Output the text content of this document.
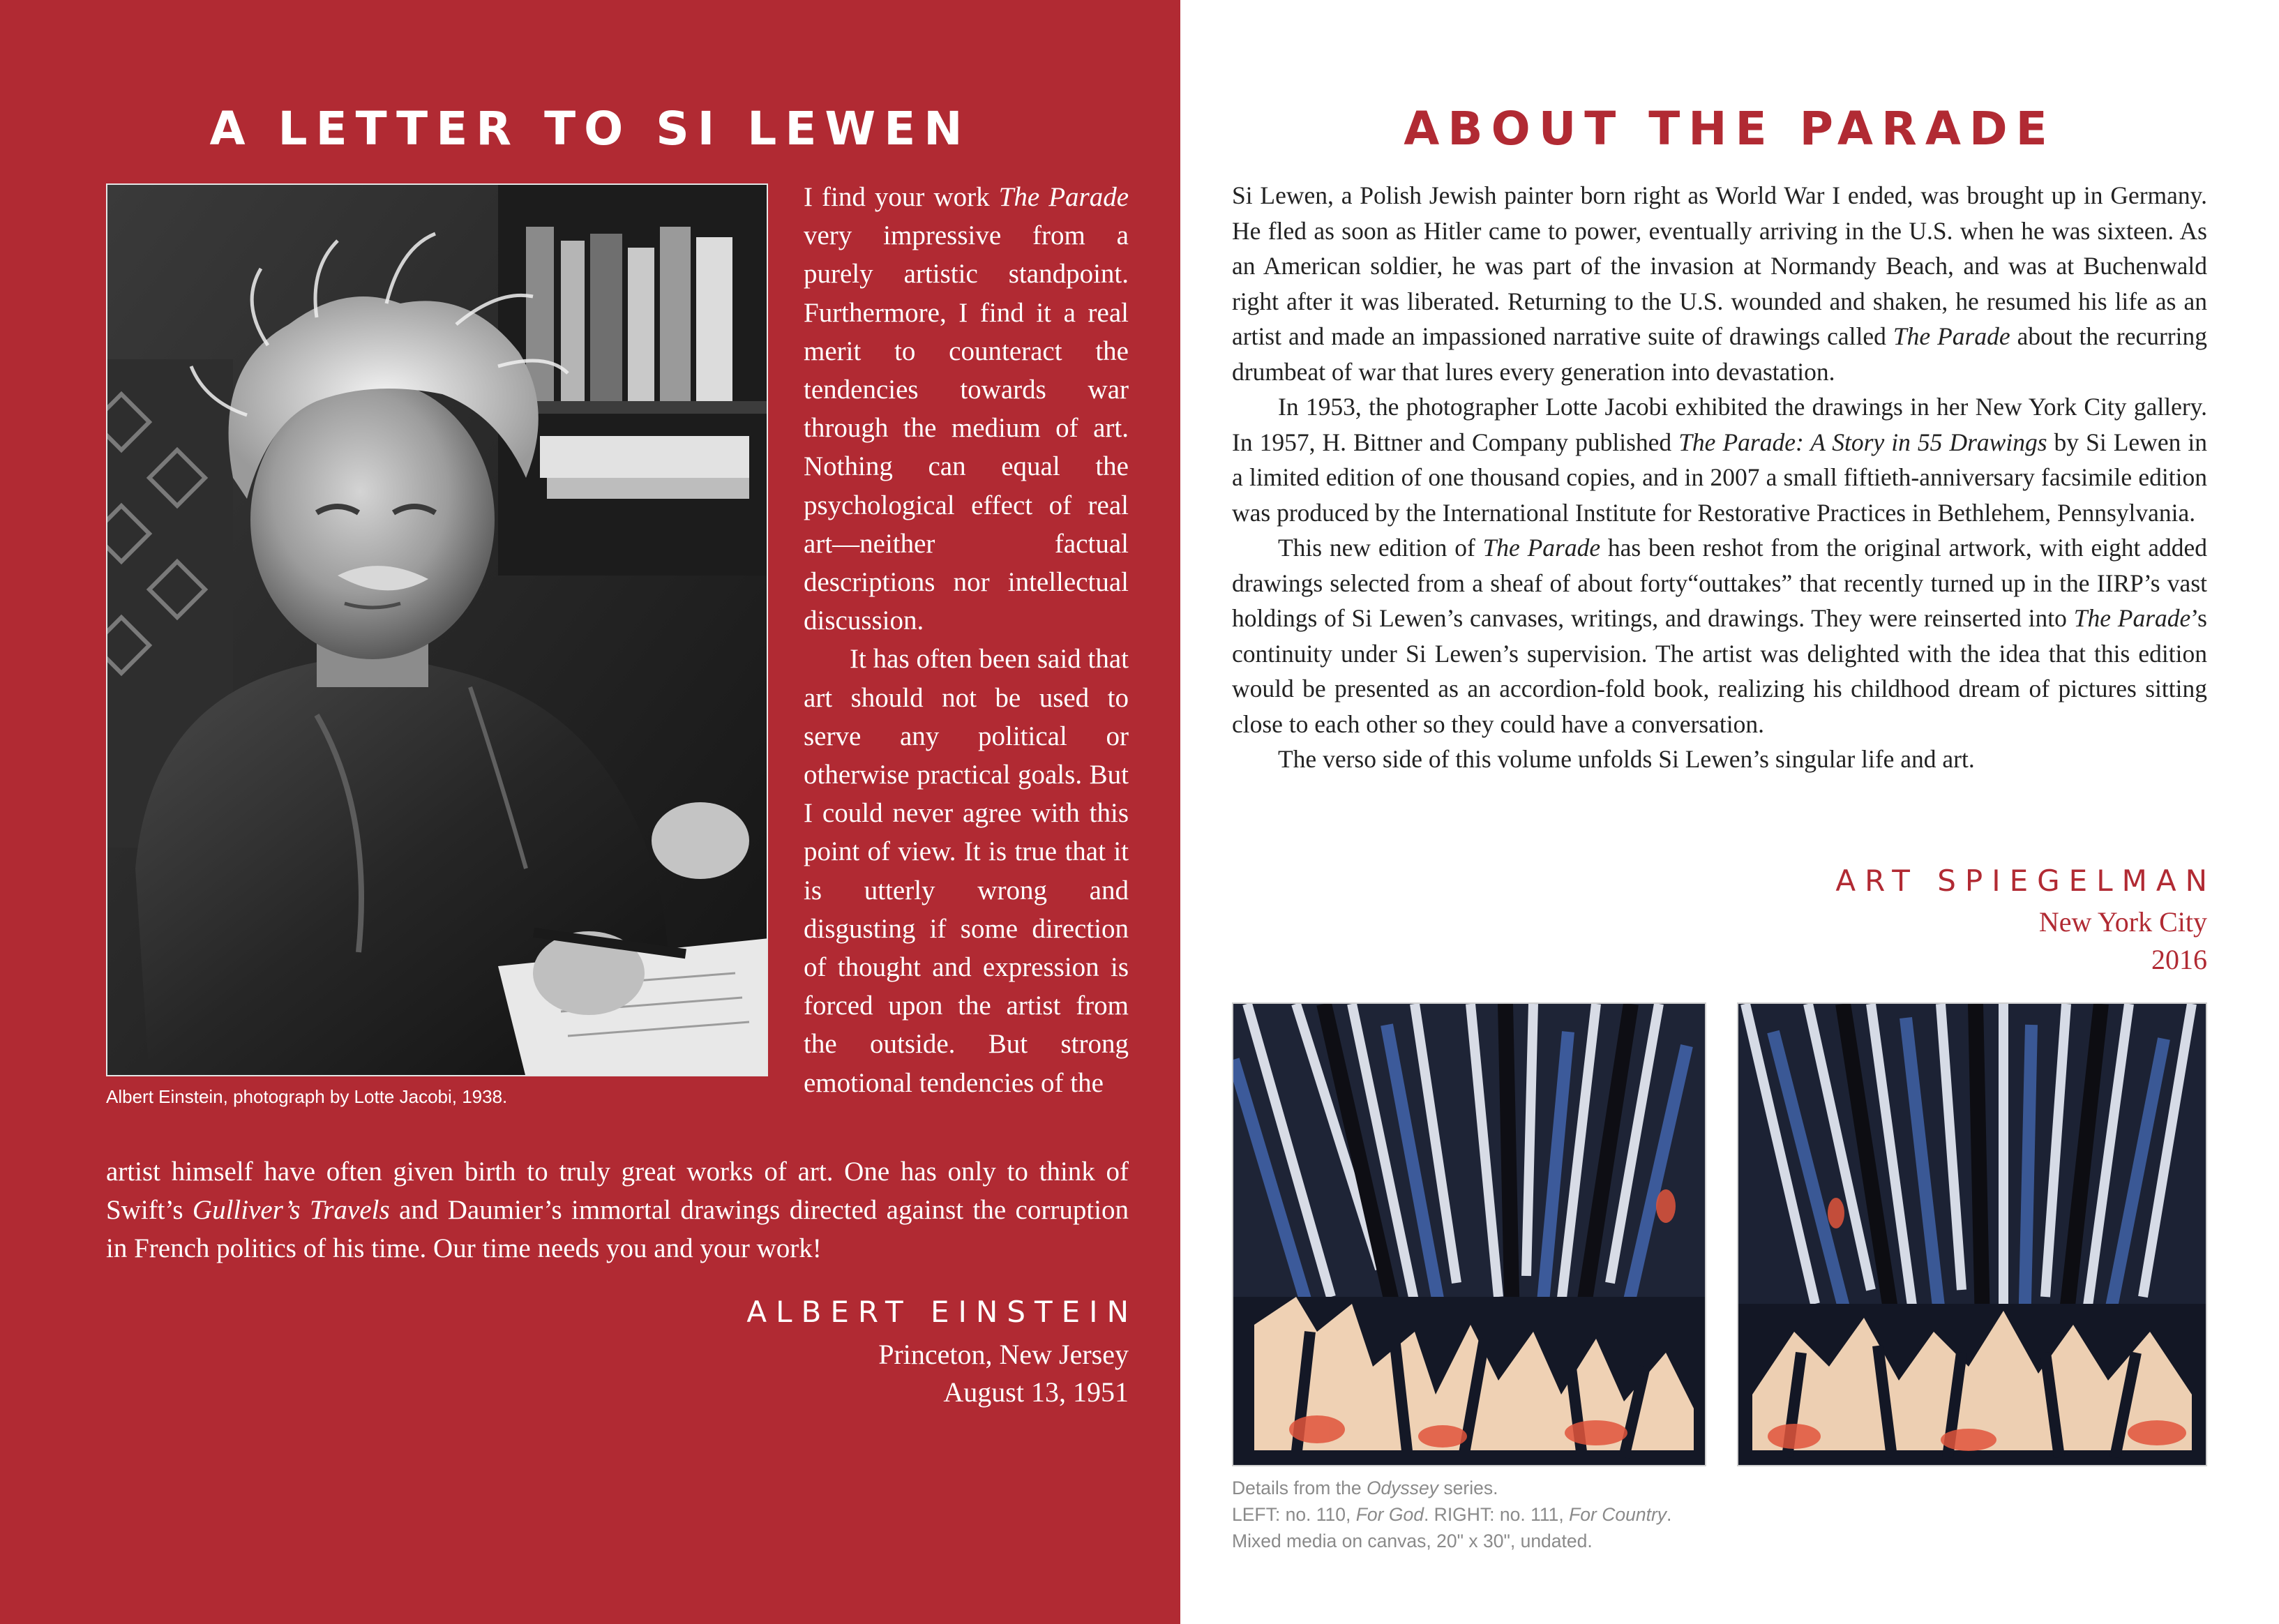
A LETTER TO SI LEWEN
Albert Einstein, photograph by Lotte Jacobi, 1938.

I find your work The Parade very impressive from a purely artistic standpoint. Furthermore, I find it a real merit to counteract the tendencies towards war through the medium of art. Nothing can equal the psychological effect of real art—neither factual descriptions nor intellectual discussion.

It has often been said that art should not be used to serve any political or otherwise practical goals. But I could never agree with this point of view. It is true that it is utterly wrong and disgusting if some direction of thought and expression is forced upon the artist from the outside. But strong emotional tendencies of the

artist himself have often given birth to truly great works of art. One has only to think of Swift’s Gulliver’s Travels and Daumier’s immortal drawings directed against the corruption in French politics of his time. Our time needs you and your work!

ALBERT EINSTEIN

Princeton, New Jersey

August 13, 1951

ABOUT THE PARADE

Si Lewen, a Polish Jewish painter born right as World War I ended, was brought up in Germany. He fled as soon as Hitler came to power, eventually arriving in the U.S. when he was sixteen. As an American soldier, he was part of the invasion at Normandy Beach, and was at Buchenwald right after it was liberated. Returning to the U.S. wounded and shaken, he resumed his life as an artist and made an impassioned narrative suite of drawings called The Parade about the recurring drumbeat of war that lures every generation into devastation.

In 1953, the photographer Lotte Jacobi exhibited the drawings in her New York City gallery. In 1957, H. Bittner and Company published The Parade: A Story in 55 Drawings by Si Lewen in a limited edition of one thousand copies, and in 2007 a small fiftieth-anniversary facsimile edition was produced by the International Institute for Restorative Practices in Bethlehem, Pennsylvania.

This new edition of The Parade has been reshot from the original artwork, with eight added drawings selected from a sheaf of about forty“outtakes” that recently turned up in the IIRP’s vast holdings of Si Lewen’s canvases, writings, and drawings. They were reinserted into The Parade’s continuity under Si Lewen’s supervision. The artist was delighted with the idea that this edition would be presented as an accordion-fold book, realizing his childhood dream of pictures sitting close to each other so they could have a conversation.

The verso side of this volume unfolds Si Lewen’s singular life and art.

ART SPIEGELMAN

New York City

2016

Details from the Odyssey series.
LEFT: no. 110, For God. RIGHT: no. 111, For Country.
Mixed media on canvas, 20" x 30", undated.
